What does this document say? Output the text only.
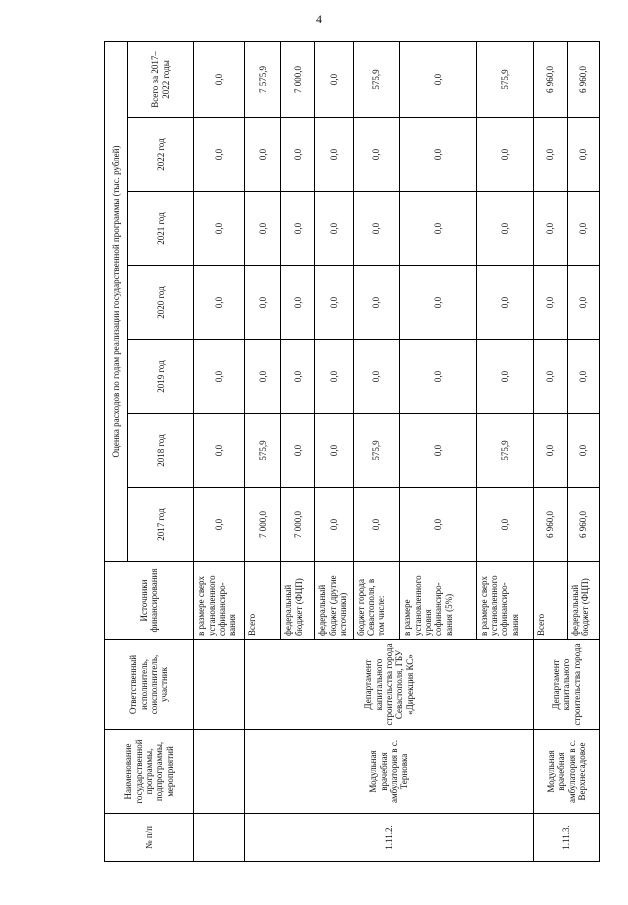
4
№ п/п	Наименование государственной программы, подпрограммы, мероприятий	Ответственный исполнитель, соисполнитель, участник	Источники финансирования	Оценка расходов по годам реализации государственной программы (тыс. рублей)						
				2017 год	2018 год	2019 год	2020 год	2021 год	2022 год	Всего за 2017–2022 годы
			в размере сверх установленного софинансиро-вания	0,0	0,0	0,0	0,0	0,0	0,0	0,0
1.11.2.	Модульная врачебная амбулатория в с. Терновка	Департамент капитального строительства города Севастополя, ГБУ «Дирекция КС»	Всего	7 000,0	575,9	0,0	0,0	0,0	0,0	7 575,9
			федеральный бюджет (ФЦП)	7 000,0	0,0	0,0	0,0	0,0	0,0	7 000,0
			федеральный бюджет (другие источники)	0,0	0,0	0,0	0,0	0,0	0,0	0,0
			бюджет города Севастополя, в том числе:	0,0	575,9	0,0	0,0	0,0	0,0	575,9
			в размере установленного уровня софинансиро-вания (5%)	0,0	0,0	0,0	0,0	0,0	0,0	0,0
			в размере сверх установленного софинансиро-вания	0,0	575,9	0,0	0,0	0,0	0,0	575,9
1.11.3.	Модульная врачебная амбулатория в с. Верхнесадовое	Департамент капитального строительства города	Всего	6 960,0	0,0	0,0	0,0	0,0	0,0	6 960,0
			федеральный бюджет (ФЦП)	6 960,0	0,0	0,0	0,0	0,0	0,0	6 960,0
